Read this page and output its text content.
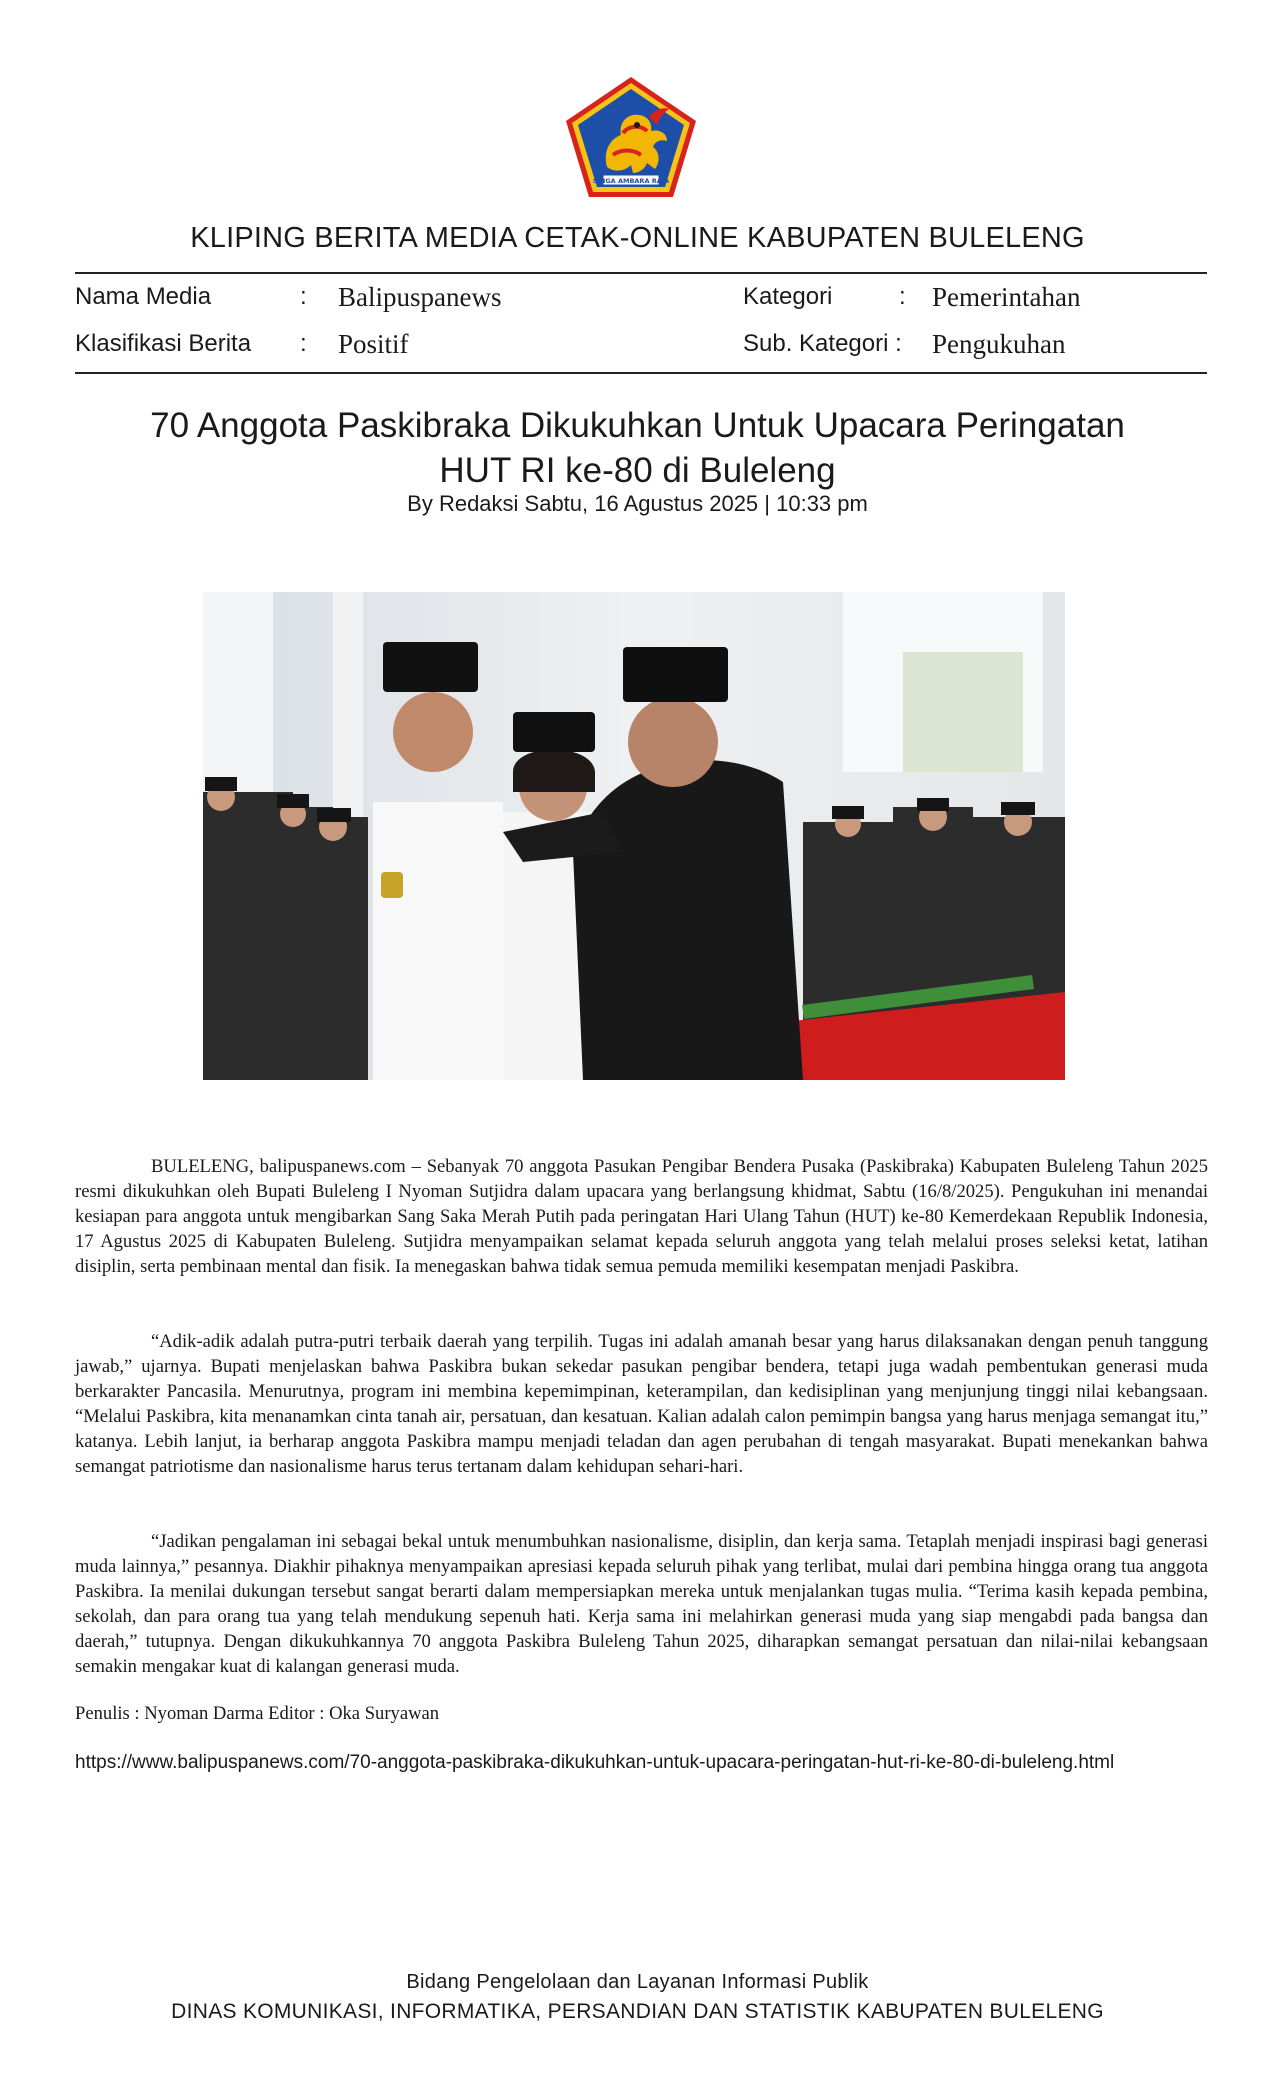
SINGA AMBARA RAJA
KLIPING BERITA MEDIA CETAK-ONLINE KABUPATEN BULELENG
Nama Media	: Balipuspanews	Kategori	: Pemerintahan
Klasifikasi Berita : Positif	Sub. Kategori : Pengukuhan
70 Anggota Paskibraka Dikukuhkan Untuk Upacara Peringatan
HUT RI ke-80 di Buleleng
By Redaksi Sabtu, 16 Agustus 2025 | 10:33 pm

BULELENG, balipuspanews.com – Sebanyak 70 anggota Pasukan Pengibar Bendera Pusaka (Paskibraka) Kabupaten Buleleng Tahun 2025 resmi dikukuhkan oleh Bupati Buleleng I Nyoman Sutjidra dalam upacara yang berlangsung khidmat, Sabtu (16/8/2025). Pengukuhan ini menandai kesiapan para anggota untuk mengibarkan Sang Saka Merah Putih pada peringatan Hari Ulang Tahun (HUT) ke-80 Kemerdekaan Republik Indonesia, 17 Agustus 2025 di Kabupaten Buleleng. Sutjidra menyampaikan selamat kepada seluruh anggota yang telah melalui proses seleksi ketat, latihan disiplin, serta pembinaan mental dan fisik. Ia menegaskan bahwa tidak semua pemuda memiliki kesempatan menjadi Paskibra.

“Adik-adik adalah putra-putri terbaik daerah yang terpilih. Tugas ini adalah amanah besar yang harus dilaksanakan dengan penuh tanggung jawab,” ujarnya. Bupati menjelaskan bahwa Paskibra bukan sekedar pasukan pengibar bendera, tetapi juga wadah pembentukan generasi muda berkarakter Pancasila. Menurutnya, program ini membina kepemimpinan, keterampilan, dan kedisiplinan yang menjunjung tinggi nilai kebangsaan. “Melalui Paskibra, kita menanamkan cinta tanah air, persatuan, dan kesatuan. Kalian adalah calon pemimpin bangsa yang harus menjaga semangat itu,” katanya. Lebih lanjut, ia berharap anggota Paskibra mampu menjadi teladan dan agen perubahan di tengah masyarakat. Bupati menekankan bahwa semangat patriotisme dan nasionalisme harus terus tertanam dalam kehidupan sehari-hari.

“Jadikan pengalaman ini sebagai bekal untuk menumbuhkan nasionalisme, disiplin, dan kerja sama. Tetaplah menjadi inspirasi bagi generasi muda lainnya,” pesannya. Diakhir pihaknya menyampaikan apresiasi kepada seluruh pihak yang terlibat, mulai dari pembina hingga orang tua anggota Paskibra. Ia menilai dukungan tersebut sangat berarti dalam mempersiapkan mereka untuk menjalankan tugas mulia. “Terima kasih kepada pembina, sekolah, dan para orang tua yang telah mendukung sepenuh hati. Kerja sama ini melahirkan generasi muda yang siap mengabdi pada bangsa dan daerah,” tutupnya. Dengan dikukuhkannya 70 anggota Paskibra Buleleng Tahun 2025, diharapkan semangat persatuan dan nilai-nilai kebangsaan semakin mengakar kuat di kalangan generasi muda.

Penulis : Nyoman Darma Editor : Oka Suryawan
https://www.balipuspanews.com/70-anggota-paskibraka-dikukuhkan-untuk-upacara-peringatan-hut-ri-ke-80-di-buleleng.html
Bidang Pengelolaan dan Layanan Informasi Publik
DINAS KOMUNIKASI, INFORMATIKA, PERSANDIAN DAN STATISTIK KABUPATEN BULELENG
